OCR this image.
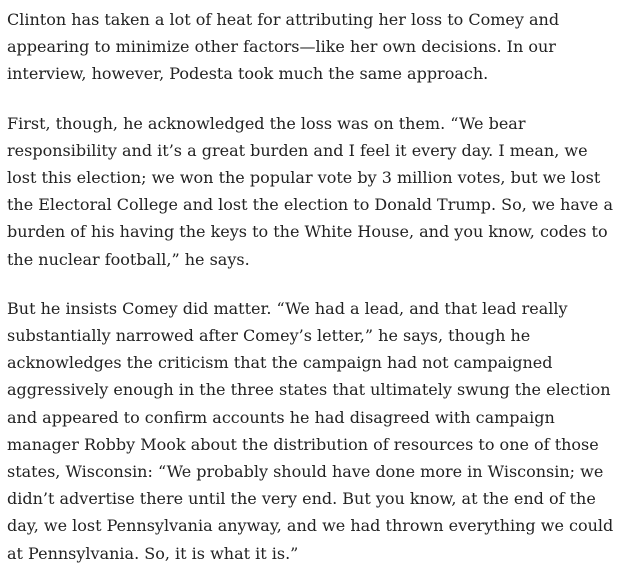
Clinton has taken a lot of heat for attributing her loss to Comey and
appearing to minimize other factors—like her own decisions. In our
interview, however, Podesta took much the same approach.

First, though, he acknowledged the loss was on them. “We bear
responsibility and it’s a great burden and I feel it every day. I mean, we
lost this election; we won the popular vote by 3 million votes, but we lost
the Electoral College and lost the election to Donald Trump. So, we have a
burden of his having the keys to the White House, and you know, codes to
the nuclear football,” he says.

But he insists Comey did matter. “We had a lead, and that lead really
substantially narrowed after Comey’s letter,” he says, though he
acknowledges the criticism that the campaign had not campaigned
aggressively enough in the three states that ultimately swung the election
and appeared to confirm accounts he had disagreed with campaign
manager Robby Mook about the distribution of resources to one of those
states, Wisconsin: “We probably should have done more in Wisconsin; we
didn’t advertise there until the very end. But you know, at the end of the
day, we lost Pennsylvania anyway, and we had thrown everything we could
at Pennsylvania. So, it is what it is.”
